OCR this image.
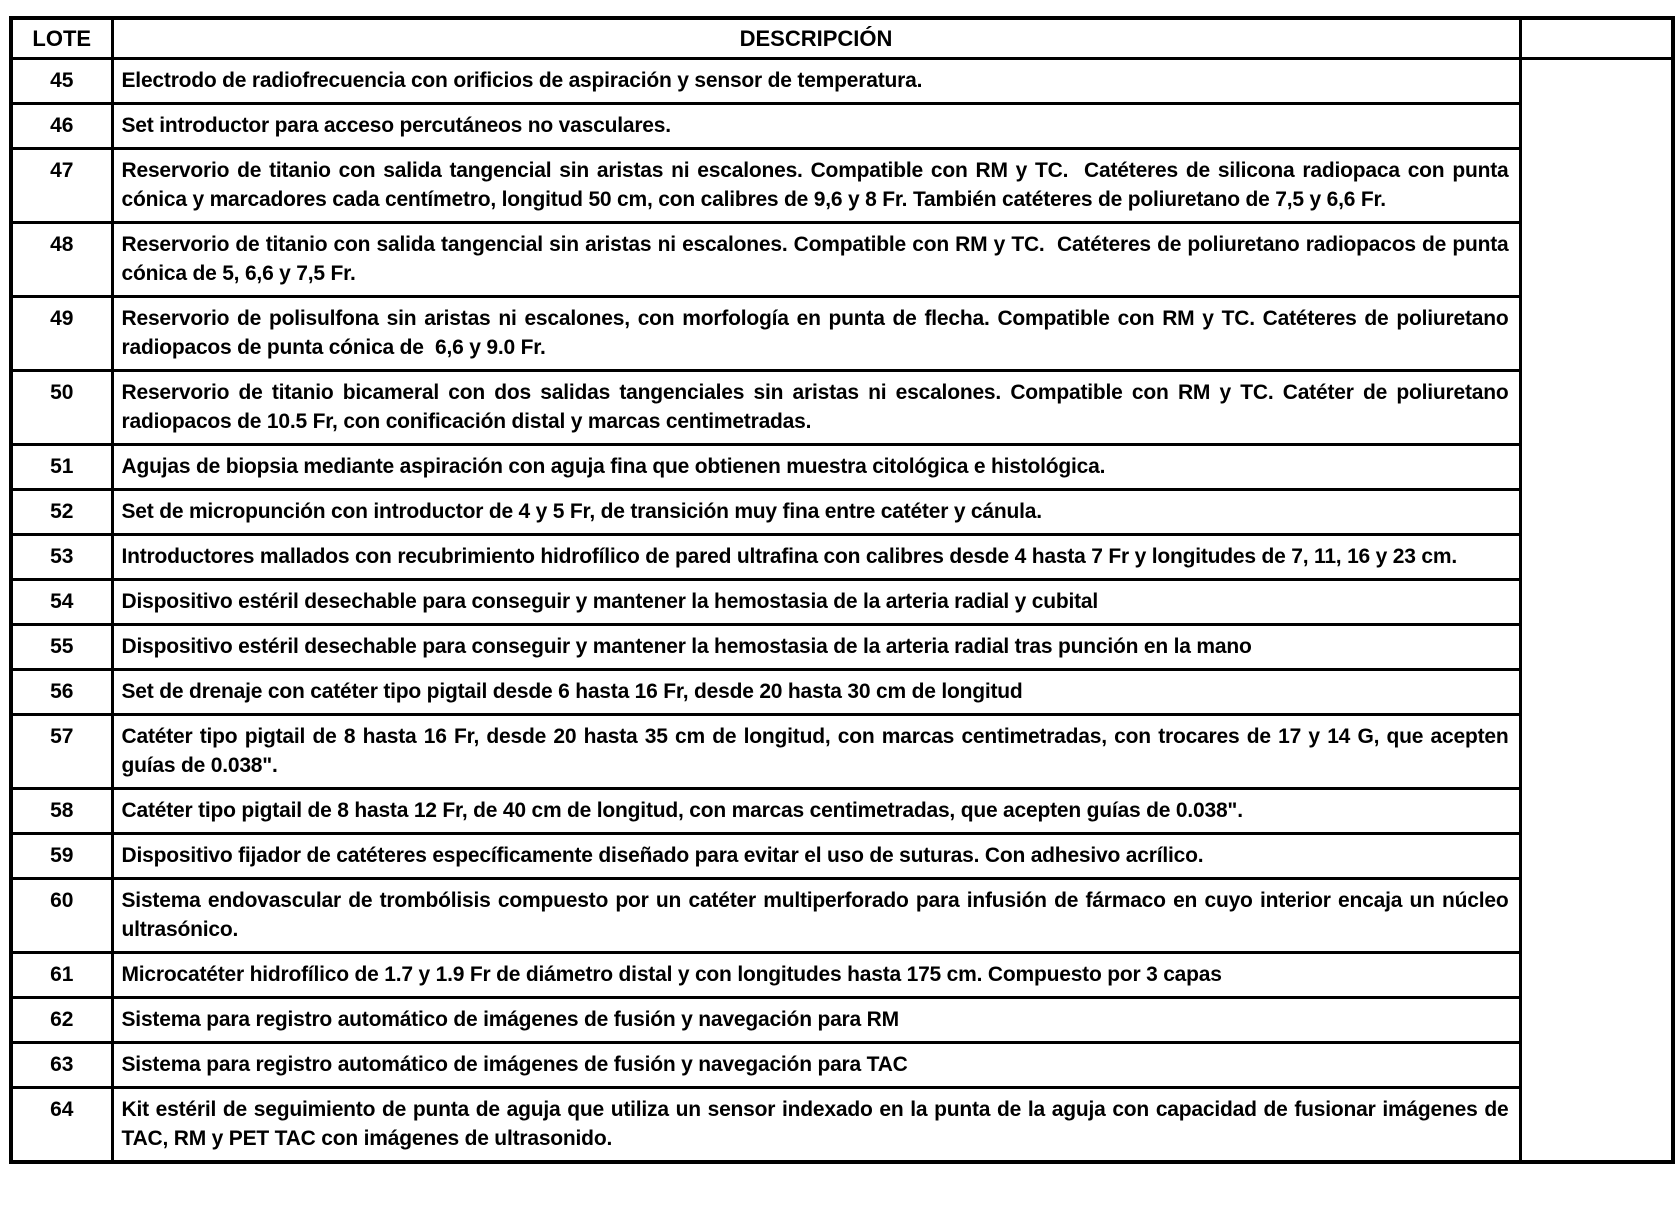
LOTE	DESCRIPCIÓN	
45	Electrodo de radiofrecuencia con orificios de aspiración y sensor de temperatura.	
46	Set introductor para acceso percutáneos no vasculares.	
47	Reservorio de titanio con salida tangencial sin aristas ni escalones. Compatible con RM y TC.  Catéteres de silicona radiopaca con punta cónica y marcadores cada centímetro, longitud 50 cm, con calibres de 9,6 y 8 Fr. También catéteres de poliuretano de 7,5 y 6,6 Fr.	
48	Reservorio de titanio con salida tangencial sin aristas ni escalones. Compatible con RM y TC.  Catéteres de poliuretano radiopacos de punta cónica de 5, 6,6 y 7,5 Fr.	
49	Reservorio de polisulfona sin aristas ni escalones, con morfología en punta de flecha. Compatible con RM y TC. Catéteres de poliuretano radiopacos de punta cónica de  6,6 y 9.0 Fr.	
50	Reservorio de titanio bicameral con dos salidas tangenciales sin aristas ni escalones. Compatible con RM y TC. Catéter de poliuretano radiopacos de 10.5 Fr, con conificación distal y marcas centimetradas.	
51	Agujas de biopsia mediante aspiración con aguja fina que obtienen muestra citológica e histológica.	
52	Set de micropunción con introductor de 4 y 5 Fr, de transición muy fina entre catéter y cánula.	
53	Introductores mallados con recubrimiento hidrofílico de pared ultrafina con calibres desde 4 hasta 7 Fr y longitudes de 7, 11, 16 y 23 cm.	
54	Dispositivo estéril desechable para conseguir y mantener la hemostasia de la arteria radial y cubital	
55	Dispositivo estéril desechable para conseguir y mantener la hemostasia de la arteria radial tras punción en la mano	
56	Set de drenaje con catéter tipo pigtail desde 6 hasta 16 Fr, desde 20 hasta 30 cm de longitud	
57	Catéter tipo pigtail de 8 hasta 16 Fr, desde 20 hasta 35 cm de longitud, con marcas centimetradas, con trocares de 17 y 14 G, que acepten guías de 0.038".	
58	Catéter tipo pigtail de 8 hasta 12 Fr, de 40 cm de longitud, con marcas centimetradas, que acepten guías de 0.038".	
59	Dispositivo fijador de catéteres específicamente diseñado para evitar el uso de suturas. Con adhesivo acrílico.	
60	Sistema endovascular de trombólisis compuesto por un catéter multiperforado para infusión de fármaco en cuyo interior encaja un núcleo ultrasónico.	
61	Microcatéter hidrofílico de 1.7 y 1.9 Fr de diámetro distal y con longitudes hasta 175 cm. Compuesto por 3 capas	
62	Sistema para registro automático de imágenes de fusión y navegación para RM	
63	Sistema para registro automático de imágenes de fusión y navegación para TAC	
64	Kit estéril de seguimiento de punta de aguja que utiliza un sensor indexado en la punta de la aguja con capacidad de fusionar imágenes de TAC, RM y PET TAC con imágenes de ultrasonido.	
